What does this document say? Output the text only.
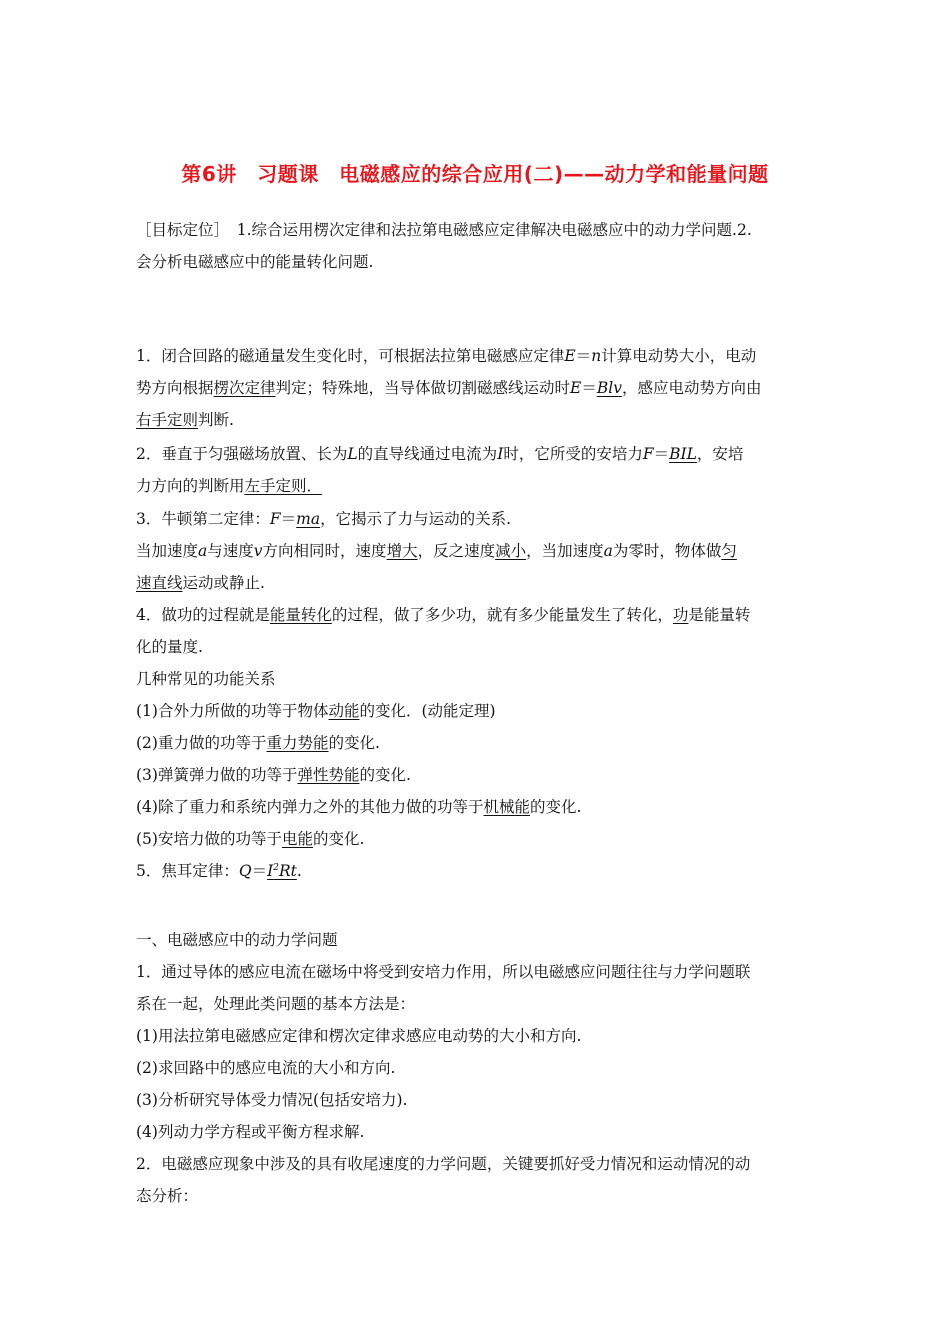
第6讲　习题课　电磁感应的综合应用(二)——动力学和能量问题
［目标定位］　1.综合运用楞次定律和法拉第电磁感应定律解决电磁感应中的动力学问题.2.
会分析电磁感应中的能量转化问题.
1．闭合回路的磁通量发生变化时，可根据法拉第电磁感应定律E＝n计算电动势大小，电动
势方向根据楞次定律判定；特殊地，当导体做切割磁感线运动时E＝Blv，感应电动势方向由
右手定则判断.
2．垂直于匀强磁场放置、长为L的直导线通过电流为I时，它所受的安培力F＝BIL，安培
力方向的判断用左手定则．
3．牛顿第二定律：F＝ma，它揭示了力与运动的关系.
当加速度a与速度v方向相同时，速度增大，反之速度减小，当加速度a为零时，物体做匀
速直线运动或静止.
4．做功的过程就是能量转化的过程，做了多少功，就有多少能量发生了转化，功是能量转
化的量度.
几种常见的功能关系
(1)合外力所做的功等于物体动能的变化．(动能定理)
(2)重力做的功等于重力势能的变化.
(3)弹簧弹力做的功等于弹性势能的变化.
(4)除了重力和系统内弹力之外的其他力做的功等于机械能的变化.
(5)安培力做的功等于电能的变化.
5．焦耳定律：$Q=I^2Rt$.
一、电磁感应中的动力学问题
1．通过导体的感应电流在磁场中将受到安培力作用，所以电磁感应问题往往与力学问题联
系在一起，处理此类问题的基本方法是：
(1)用法拉第电磁感应定律和楞次定律求感应电动势的大小和方向.
(2)求回路中的感应电流的大小和方向.
(3)分析研究导体受力情况(包括安培力).
(4)列动力学方程或平衡方程求解.
2．电磁感应现象中涉及的具有收尾速度的力学问题，关键要抓好受力情况和运动情况的动
态分析：
